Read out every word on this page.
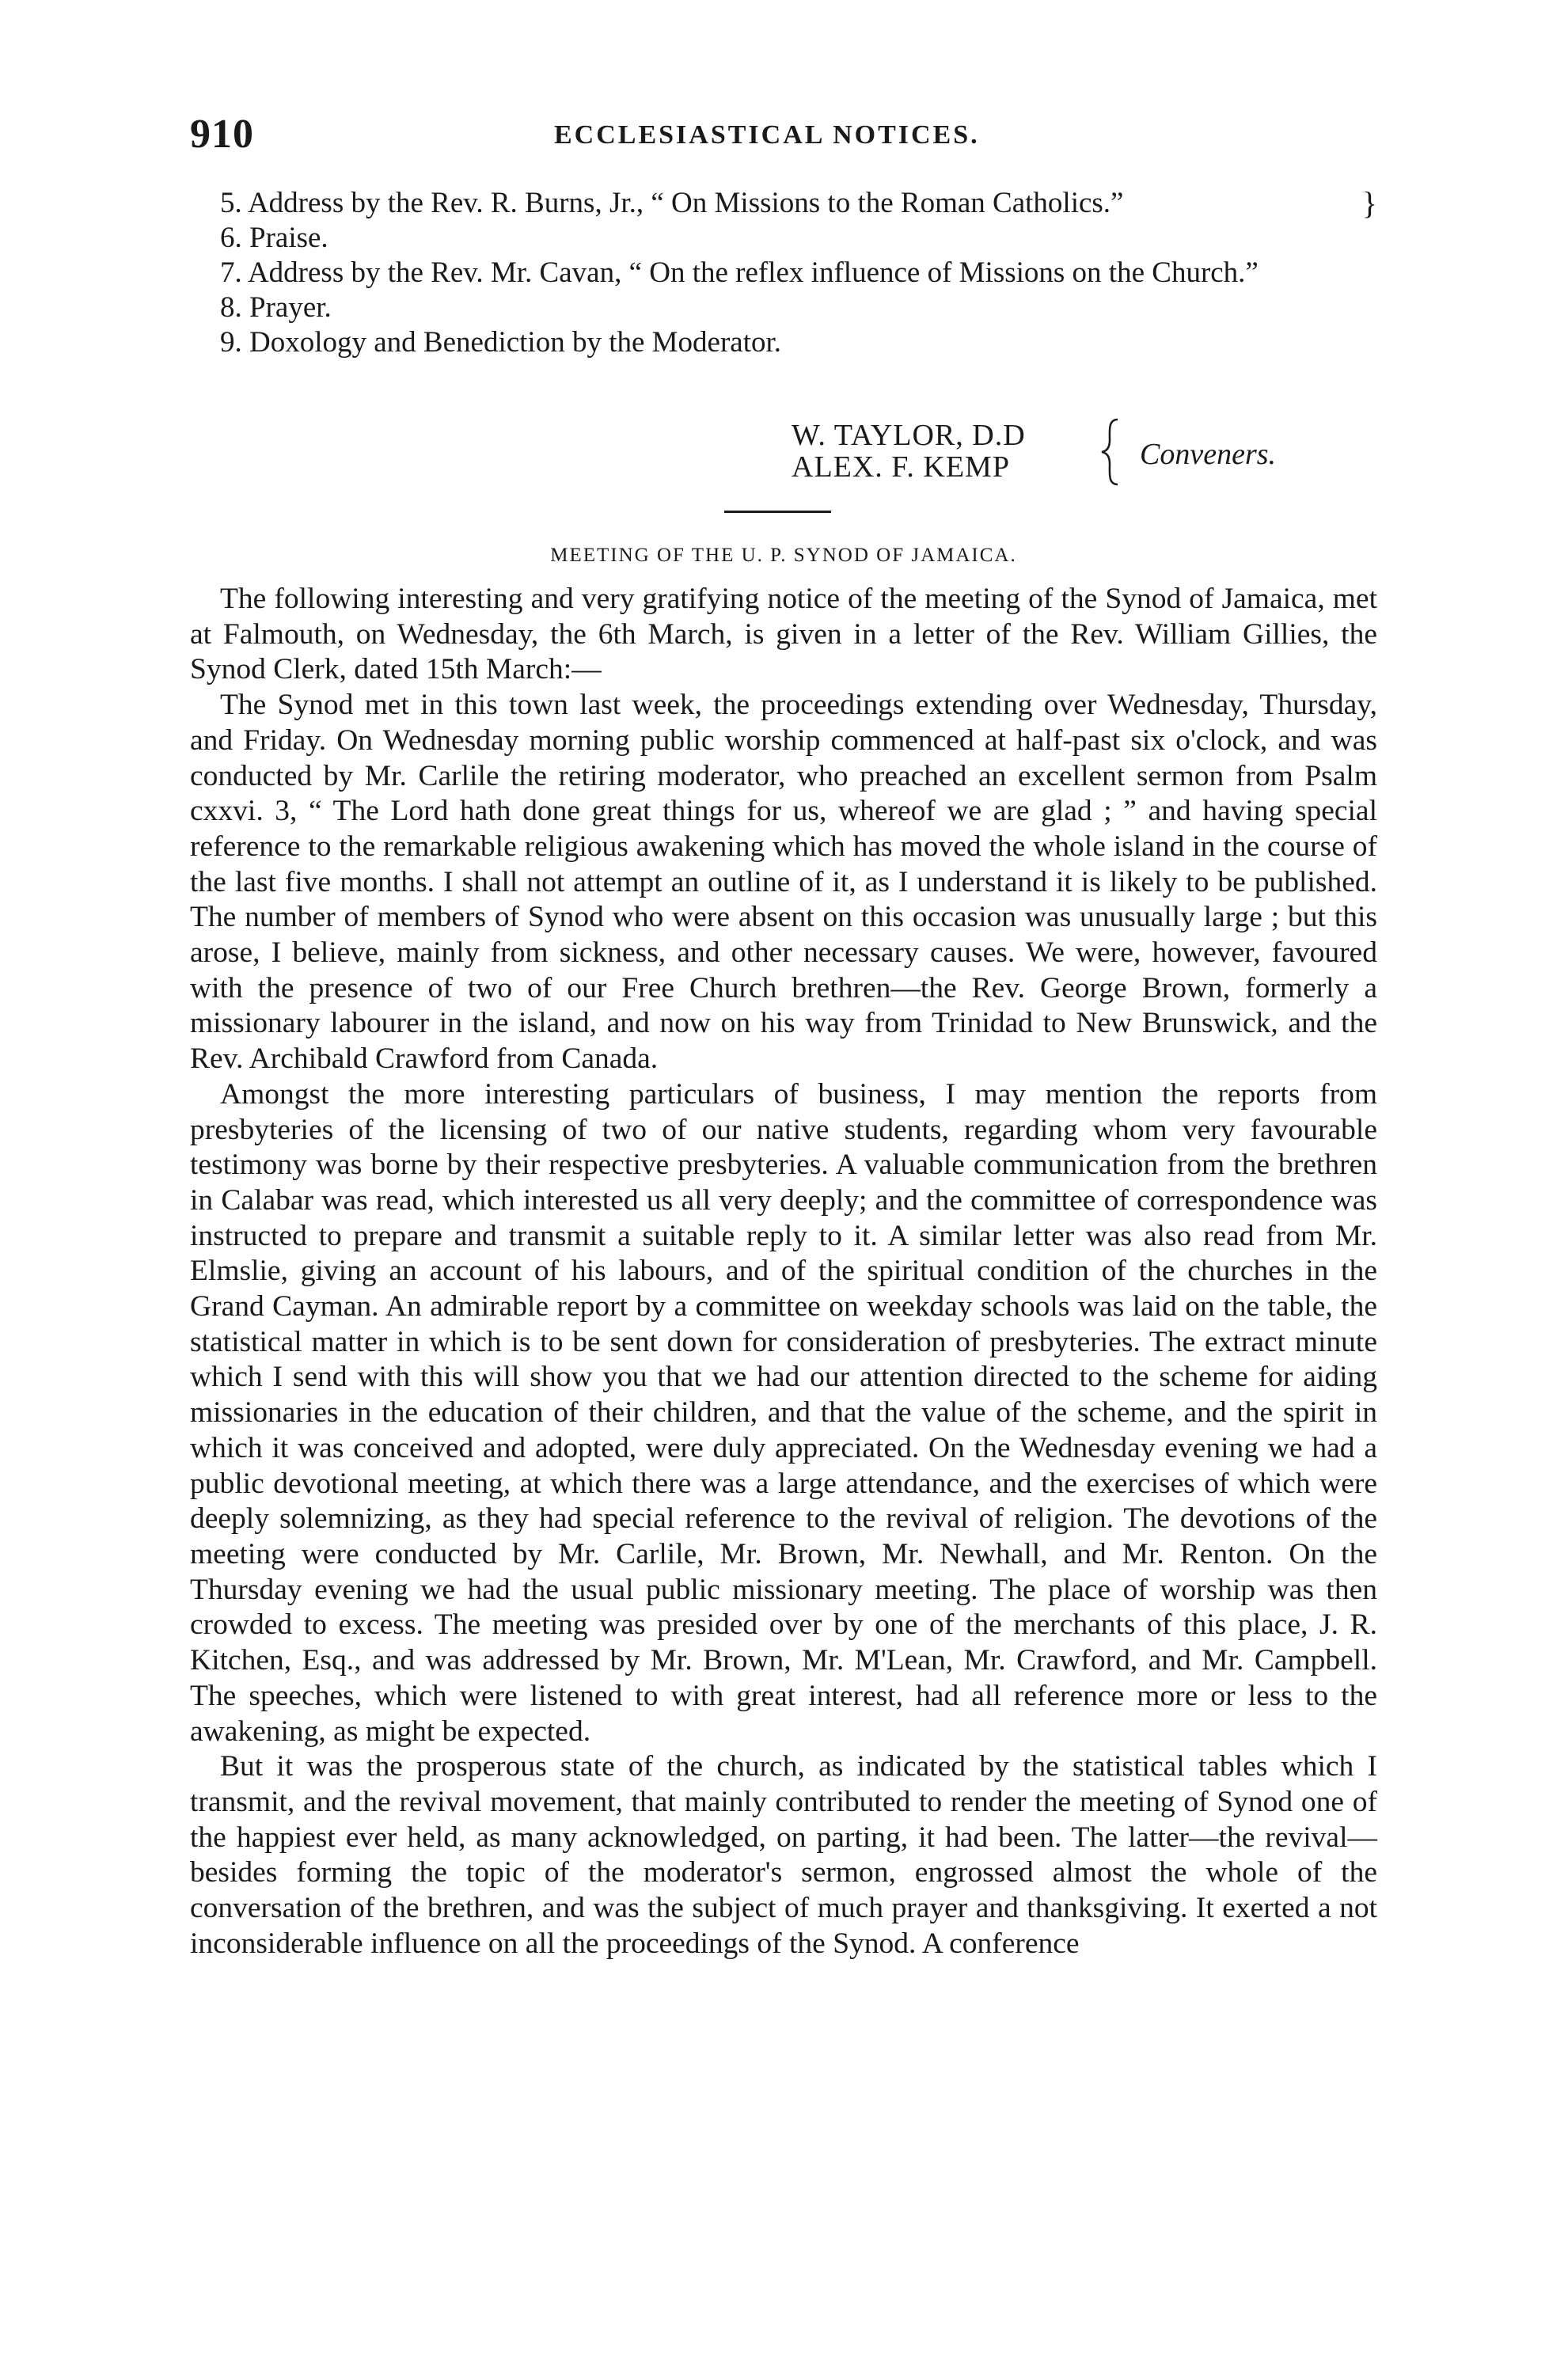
910	ECCLESIASTICAL NOTICES.
}

5. Address by the Rev. R. Burns, Jr., “ On Missions to the Roman Catholics.”

6. Praise.

7. Address by the Rev. Mr. Cavan, “ On the reflex influence of Missions on the Church.”

8. Prayer.

9. Doxology and Benediction by the Moderator.

W. TAYLOR, D.D
ALEX. F. KEMP	Conveners.
MEETING OF THE U. P. SYNOD OF JAMAICA.

The following interesting and very gratifying notice of the meeting of the Synod of Jamaica, met at Falmouth, on Wednesday, the 6th March, is given in a letter of the Rev. William Gillies, the Synod Clerk, dated 15th March:—

The Synod met in this town last week, the proceedings extending over Wednesday, Thursday, and Friday. On Wednesday morning public worship commenced at half-past six o'clock, and was conducted by Mr. Carlile the retiring moderator, who preached an excellent sermon from Psalm cxxvi. 3, “ The Lord hath done great things for us, whereof we are glad ; ” and having special reference to the remarkable religious awakening which has moved the whole island in the course of the last five months. I shall not attempt an outline of it, as I understand it is likely to be published. The number of members of Synod who were absent on this occasion was unusually large ; but this arose, I believe, mainly from sickness, and other necessary causes. We were, however, favoured with the presence of two of our Free Church brethren—the Rev. George Brown, formerly a missionary labourer in the island, and now on his way from Trinidad to New Brunswick, and the Rev. Archibald Crawford from Canada.

Amongst the more interesting particulars of business, I may mention the reports from presbyteries of the licensing of two of our native students, regarding whom very favourable testimony was borne by their respective presbyteries. A valuable communication from the brethren in Calabar was read, which interested us all very deeply; and the committee of correspondence was instructed to prepare and transmit a suitable reply to it. A similar letter was also read from Mr. Elmslie, giving an account of his labours, and of the spiritual condition of the churches in the Grand Cayman. An admirable report by a committee on weekday schools was laid on the table, the statistical matter in which is to be sent down for consideration of presbyteries. The extract minute which I send with this will show you that we had our attention directed to the scheme for aiding missionaries in the education of their children, and that the value of the scheme, and the spirit in which it was conceived and adopted, were duly appreciated. On the Wednesday evening we had a public devotional meeting, at which there was a large attendance, and the exercises of which were deeply solemnizing, as they had special reference to the revival of religion. The devotions of the meeting were conducted by Mr. Carlile, Mr. Brown, Mr. Newhall, and Mr. Renton. On the Thursday evening we had the usual public missionary meeting. The place of worship was then crowded to excess. The meeting was presided over by one of the merchants of this place, J. R. Kitchen, Esq., and was addressed by Mr. Brown, Mr. M'Lean, Mr. Crawford, and Mr. Campbell. The speeches, which were listened to with great interest, had all reference more or less to the awakening, as might be expected.

But it was the prosperous state of the church, as indicated by the statistical tables which I transmit, and the revival movement, that mainly contributed to render the meeting of Synod one of the happiest ever held, as many acknowledged, on parting, it had been. The latter—the revival—besides forming the topic of the moderator's sermon, engrossed almost the whole of the conversation of the brethren, and was the subject of much prayer and thanksgiving. It exerted a not inconsiderable influence on all the proceedings of the Synod. A conference
